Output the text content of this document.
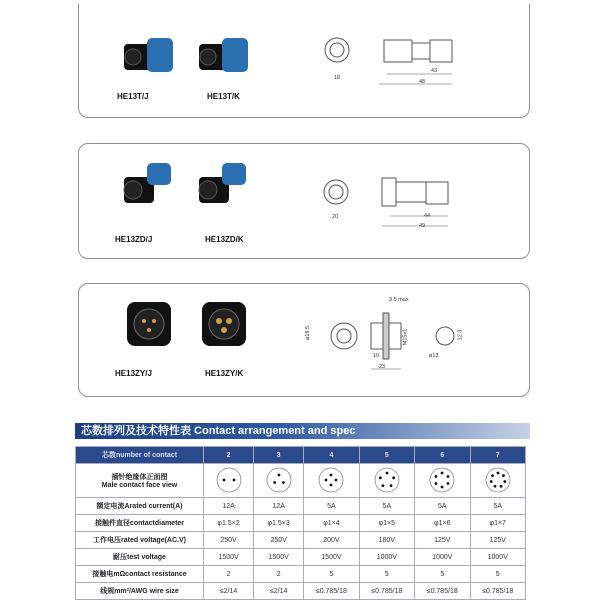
HE13T/J	HE13T/K
18
43
48
HE13ZD/J	HE13ZD/K
20	44
49
HE13ZY/J	HE13ZY/K
ø19.5
3.5 max
M15x1
10
23
12.3
ø13
芯数排列及技术特性表 Contact arrangement and spec
芯数number of contact	2	3	4	5	6	7

插针绝缘体正面图
Male contact face view

额定电流Arated current(A)	12A	12A	5A	5A	5A	5A
接触件直径contactdiameter	φ1.5×2	φ1.5×3	φ1×4	φ1×5	φ1×6	φ1×7
工作电压rated voltage(AC.V)	250V	250V	200V	180V	125V	125V
耐压test voltage	1500V	1500V	1500V	1000V	1000V	1000V
接触电mΩcontact resistance	2	2	5	5	5	5
线规mm²/AWG wire size	≤2/14	≤2/14	≤0.785/18	≤0.785/18	≤0.785/18	≤0.785/18
